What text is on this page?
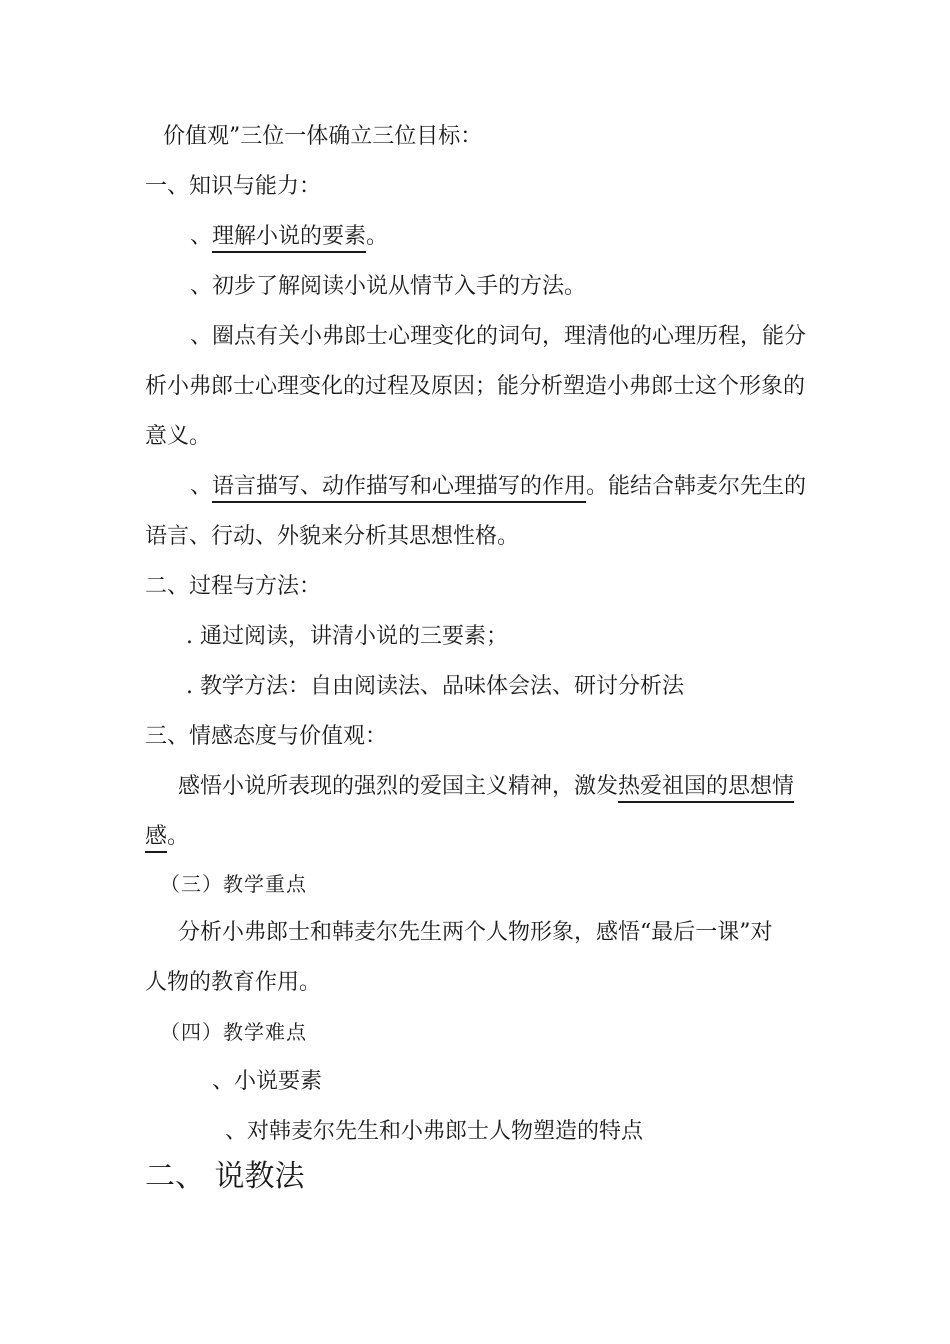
价值观”三位一体确立三位目标：
一、知识与能力：
、理解小说的要素。
、初步了解阅读小说从情节入手的方法。
、圈点有关小弗郎士心理变化的词句，理清他的心理历程，能分
析小弗郎士心理变化的过程及原因；能分析塑造小弗郎士这个形象的
意义。
、语言描写、动作描写和心理描写的作用。能结合韩麦尔先生的
语言、行动、外貌来分析其思想性格。
二、过程与方法：
. 通过阅读，讲清小说的三要素；
. 教学方法：自由阅读法、品味体会法、研讨分析法
三、情感态度与价值观：
感悟小说所表现的强烈的爱国主义精神，激发热爱祖国的思想情
感。
（三）教学重点
分析小弗郎士和韩麦尔先生两个人物形象，感悟“最后一课”对
人物的教育作用。
（四）教学难点
、小说要素
、对韩麦尔先生和小弗郎士人物塑造的特点
二、 说教法
